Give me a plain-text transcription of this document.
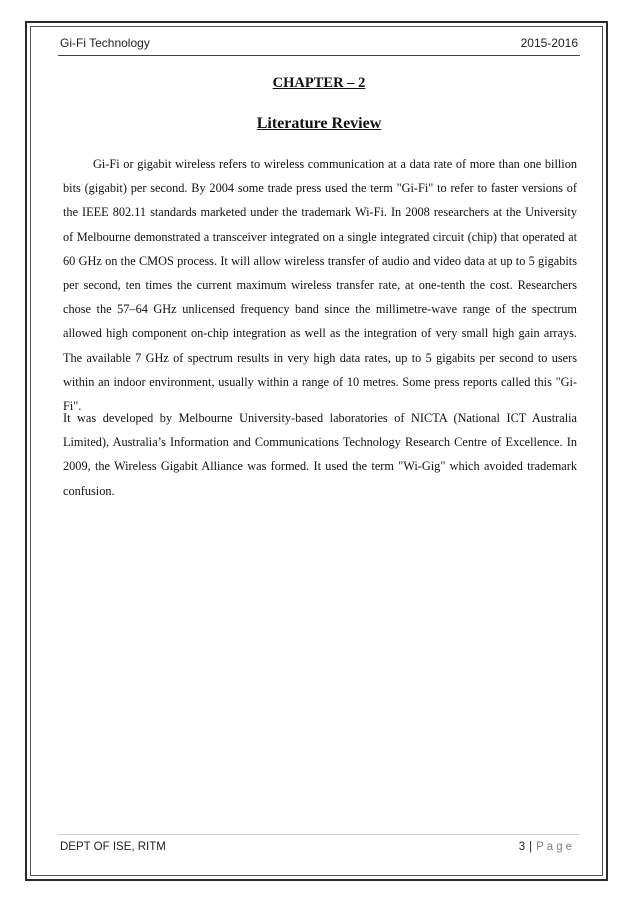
Gi-Fi Technology	2015-2016
CHAPTER – 2
Literature Review

Gi-Fi or gigabit wireless refers to wireless communication at a data rate of more than one billion bits (gigabit) per second. By 2004 some trade press used the term "Gi-Fi" to refer to faster versions of the IEEE 802.11 standards marketed under the trademark Wi-Fi. In 2008 researchers at the University of Melbourne demonstrated a transceiver integrated on a single integrated circuit (chip) that operated at 60 GHz on the CMOS process. It will allow wireless transfer of audio and video data at up to 5 gigabits per second, ten times the current maximum wireless transfer rate, at one-tenth the cost. Researchers chose the 57–64 GHz unlicensed frequency band since the millimetre-wave range of the spectrum allowed high component on-chip integration as well as the integration of very small high gain arrays. The available 7 GHz of spectrum results in very high data rates, up to 5 gigabits per second to users within an indoor environment, usually within a range of 10 metres. Some press reports called this "Gi-Fi".

It was developed by Melbourne University-based laboratories of NICTA (National ICT Australia Limited), Australia’s Information and Communications Technology Research Centre of Excellence. In 2009, the Wireless Gigabit Alliance was formed. It used the term "Wi-Gig" which avoided trademark confusion.

DEPT OF ISE, RITM	3 | Page
